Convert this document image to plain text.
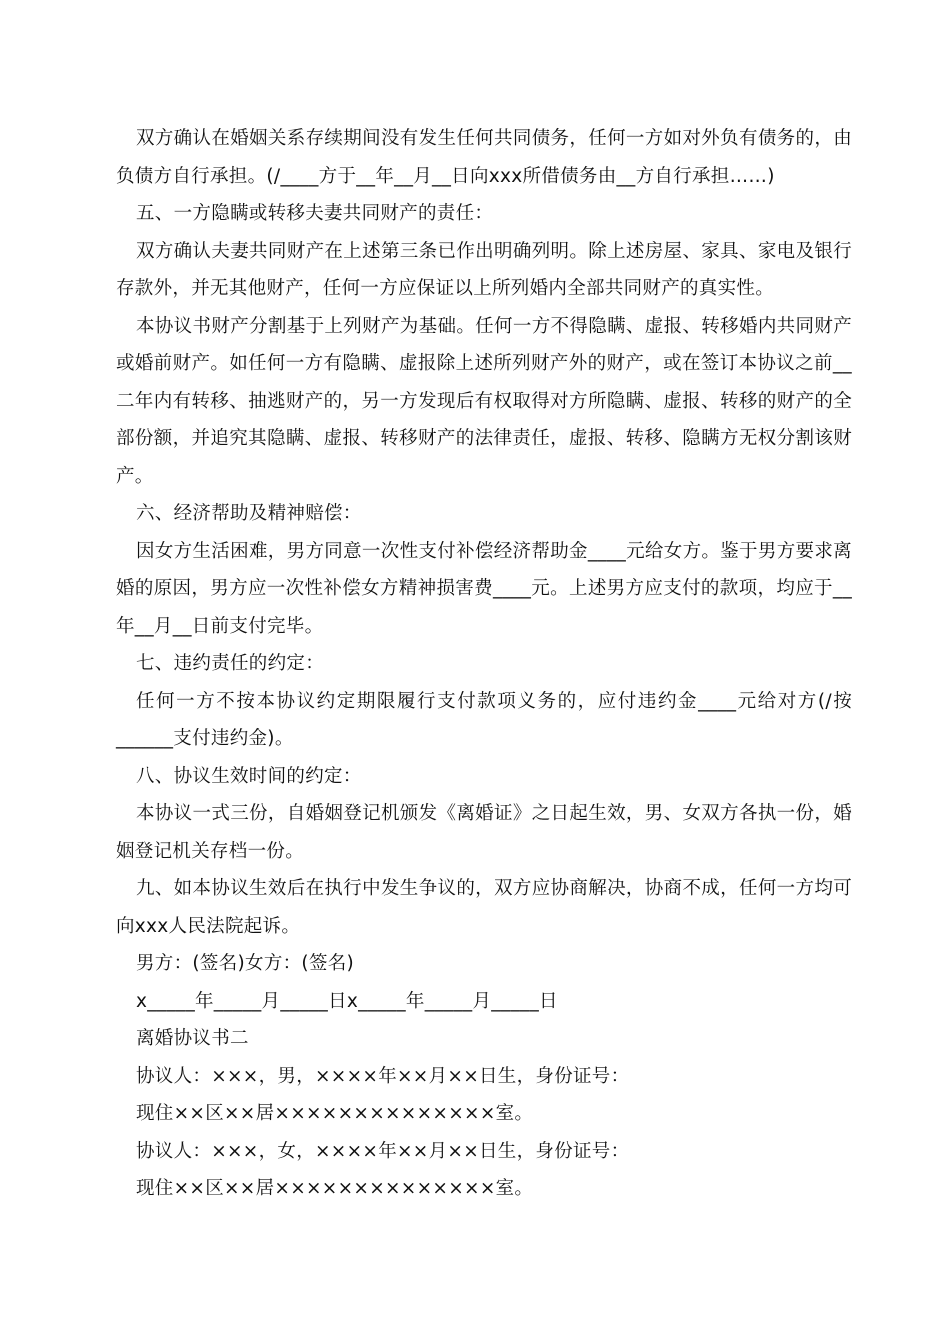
双方确认在婚姻关系存续期间没有发生任何共同债务，任何一方如对外负有债务的，由负债方自行承担。(/____方于__年__月__日向xxx所借债务由__方自行承担……)

五、一方隐瞒或转移夫妻共同财产的责任：

双方确认夫妻共同财产在上述第三条已作出明确列明。除上述房屋、家具、家电及银行存款外，并无其他财产，任何一方应保证以上所列婚内全部共同财产的真实性。

本协议书财产分割基于上列财产为基础。任何一方不得隐瞒、虚报、转移婚内共同财产或婚前财产。如任何一方有隐瞒、虚报除上述所列财产外的财产，或在签订本协议之前__二年内有转移、抽逃财产的，另一方发现后有权取得对方所隐瞒、虚报、转移的财产的全部份额，并追究其隐瞒、虚报、转移财产的法律责任，虚报、转移、隐瞒方无权分割该财产。

六、经济帮助及精神赔偿：

因女方生活困难，男方同意一次性支付补偿经济帮助金____元给女方。鉴于男方要求离婚的原因，男方应一次性补偿女方精神损害费____元。上述男方应支付的款项，均应于__年__月__日前支付完毕。

七、违约责任的约定：

任何一方不按本协议约定期限履行支付款项义务的，应付违约金____元给对方(/按______支付违约金)。

八、协议生效时间的约定：

本协议一式三份，自婚姻登记机颁发《离婚证》之日起生效，男、女双方各执一份，婚姻登记机关存档一份。

九、如本协议生效后在执行中发生争议的，双方应协商解决，协商不成，任何一方均可向xxx人民法院起诉。

男方：(签名)女方：(签名)

x_____年_____月_____日x_____年_____月_____日

离婚协议书二

协议人：×××，男，××××年××月××日生，身份证号：

现住××区××居××××××××××××××室。

协议人：×××，女，××××年××月××日生，身份证号：

现住××区××居××××××××××××××室。
